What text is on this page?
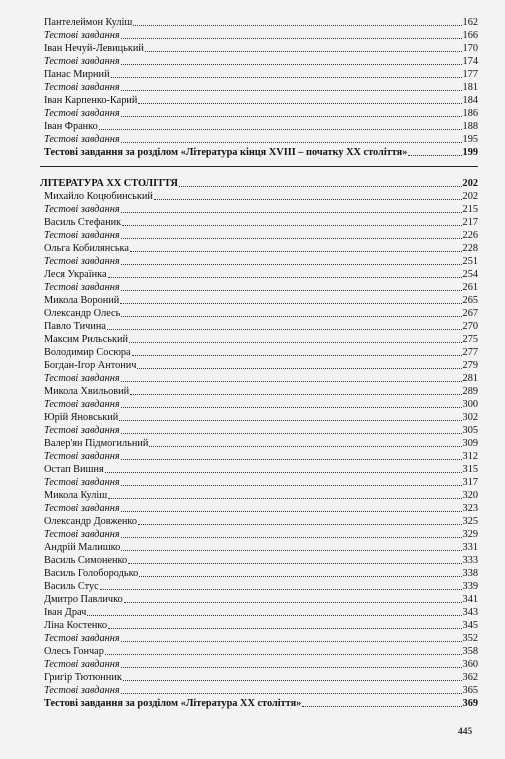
Пантелеймон Куліш	162
Тестові завдання	166
Іван Нечуй-Левицький	170
Тестові завдання	174
Панас Мирний	177
Тестові завдання	181
Іван Карпенко-Карий	184
Тестові завдання	186
Іван Франко	188
Тестові завдання	195
Тестові завдання за розділом «Література кінця XVIII – початку XX століття»	199
ЛІТЕРАТУРА XX СТОЛІТТЯ	202
Михайло Коцюбинський	202
Тестові завдання	215
Василь Стефаник	217
Тестові завдання	226
Ольга Кобилянська	228
Тестові завдання	251
Леся Українка	254
Тестові завдання	261
Микола Вороний	265
Олександр Олесь	267
Павло Тичина	270
Максим Рильський	275
Володимир Сосюра	277
Богдан-Ігор Антонич	279
Тестові завдання	281
Микола Хвильовий	289
Тестові завдання	300
Юрій Яновський	302
Тестові завдання	305
Валер'ян Підмогильний	309
Тестові завдання	312
Остап Вишня	315
Тестові завдання	317
Микола Куліш	320
Тестові завдання	323
Олександр Довженко	325
Тестові завдання	329
Андрій Малишко	331
Василь Симоненко	333
Василь Голобородько	338
Василь Стус	339
Дмитро Павличко	341
Іван Драч	343
Ліна Костенко	345
Тестові завдання	352
Олесь Гончар	358
Тестові завдання	360
Григір Тютюнник	362
Тестові завдання	365
Тестові завдання за розділом «Література XX століття»	369
445
